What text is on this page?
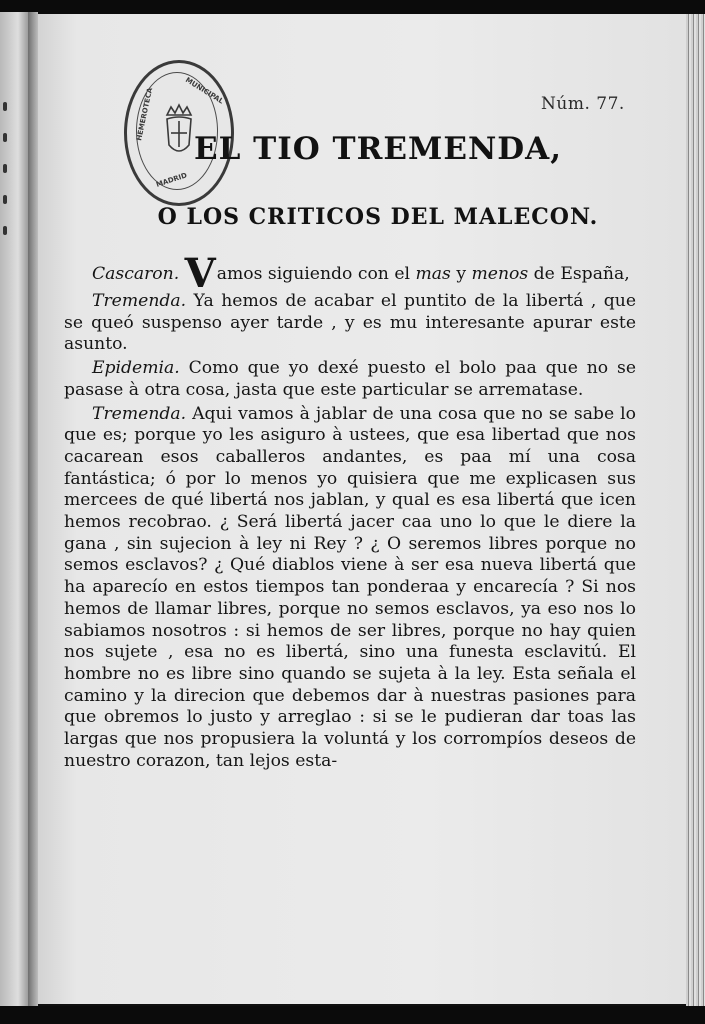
Núm. 77.
HEMEROTECA	MUNICIPAL
MADRID
EL TIO TREMENDA,
O LOS CRITICOS DEL MALECON.

Cascaron. Vamos siguiendo con el mas y menos de España,

Tremenda. Ya hemos de acabar el puntito de la libertá , que se queó suspenso ayer tarde , y es mu interesante apurar este asunto.

Epidemia. Como que yo dexé puesto el bolo paa que no se pasase à otra cosa, jasta que este particular se arrematase.

Tremenda. Aqui vamos à jablar de una cosa que no se sabe lo que es; porque yo les asiguro à ustees, que esa libertad que nos cacarean esos caballeros andantes, es paa mí una cosa fantástica; ó por lo menos yo quisiera que me explicasen sus mercees de qué libertá nos jablan, y qual es esa libertá que icen hemos recobrao. ¿ Será libertá jacer caa uno lo que le diere la gana , sin sujecion à ley ni Rey ? ¿ O seremos libres porque no semos esclavos? ¿ Qué diablos viene à ser esa nueva libertá que ha aparecío en estos tiempos tan ponderaa y encarecía ? Si nos hemos de llamar libres, porque no semos esclavos, ya eso nos lo sabiamos nosotros : si hemos de ser libres, porque no hay quien nos sujete , esa no es libertá, sino una funesta esclavitú. El hombre no es libre sino quando se sujeta à la ley. Esta señala el camino y la direcion que debemos dar à nuestras pasiones para que obremos lo justo y arreglao : si se le pudieran dar toas las largas que nos propusiera la voluntá y los corrompíos deseos de nuestro corazon, tan lejos esta-
